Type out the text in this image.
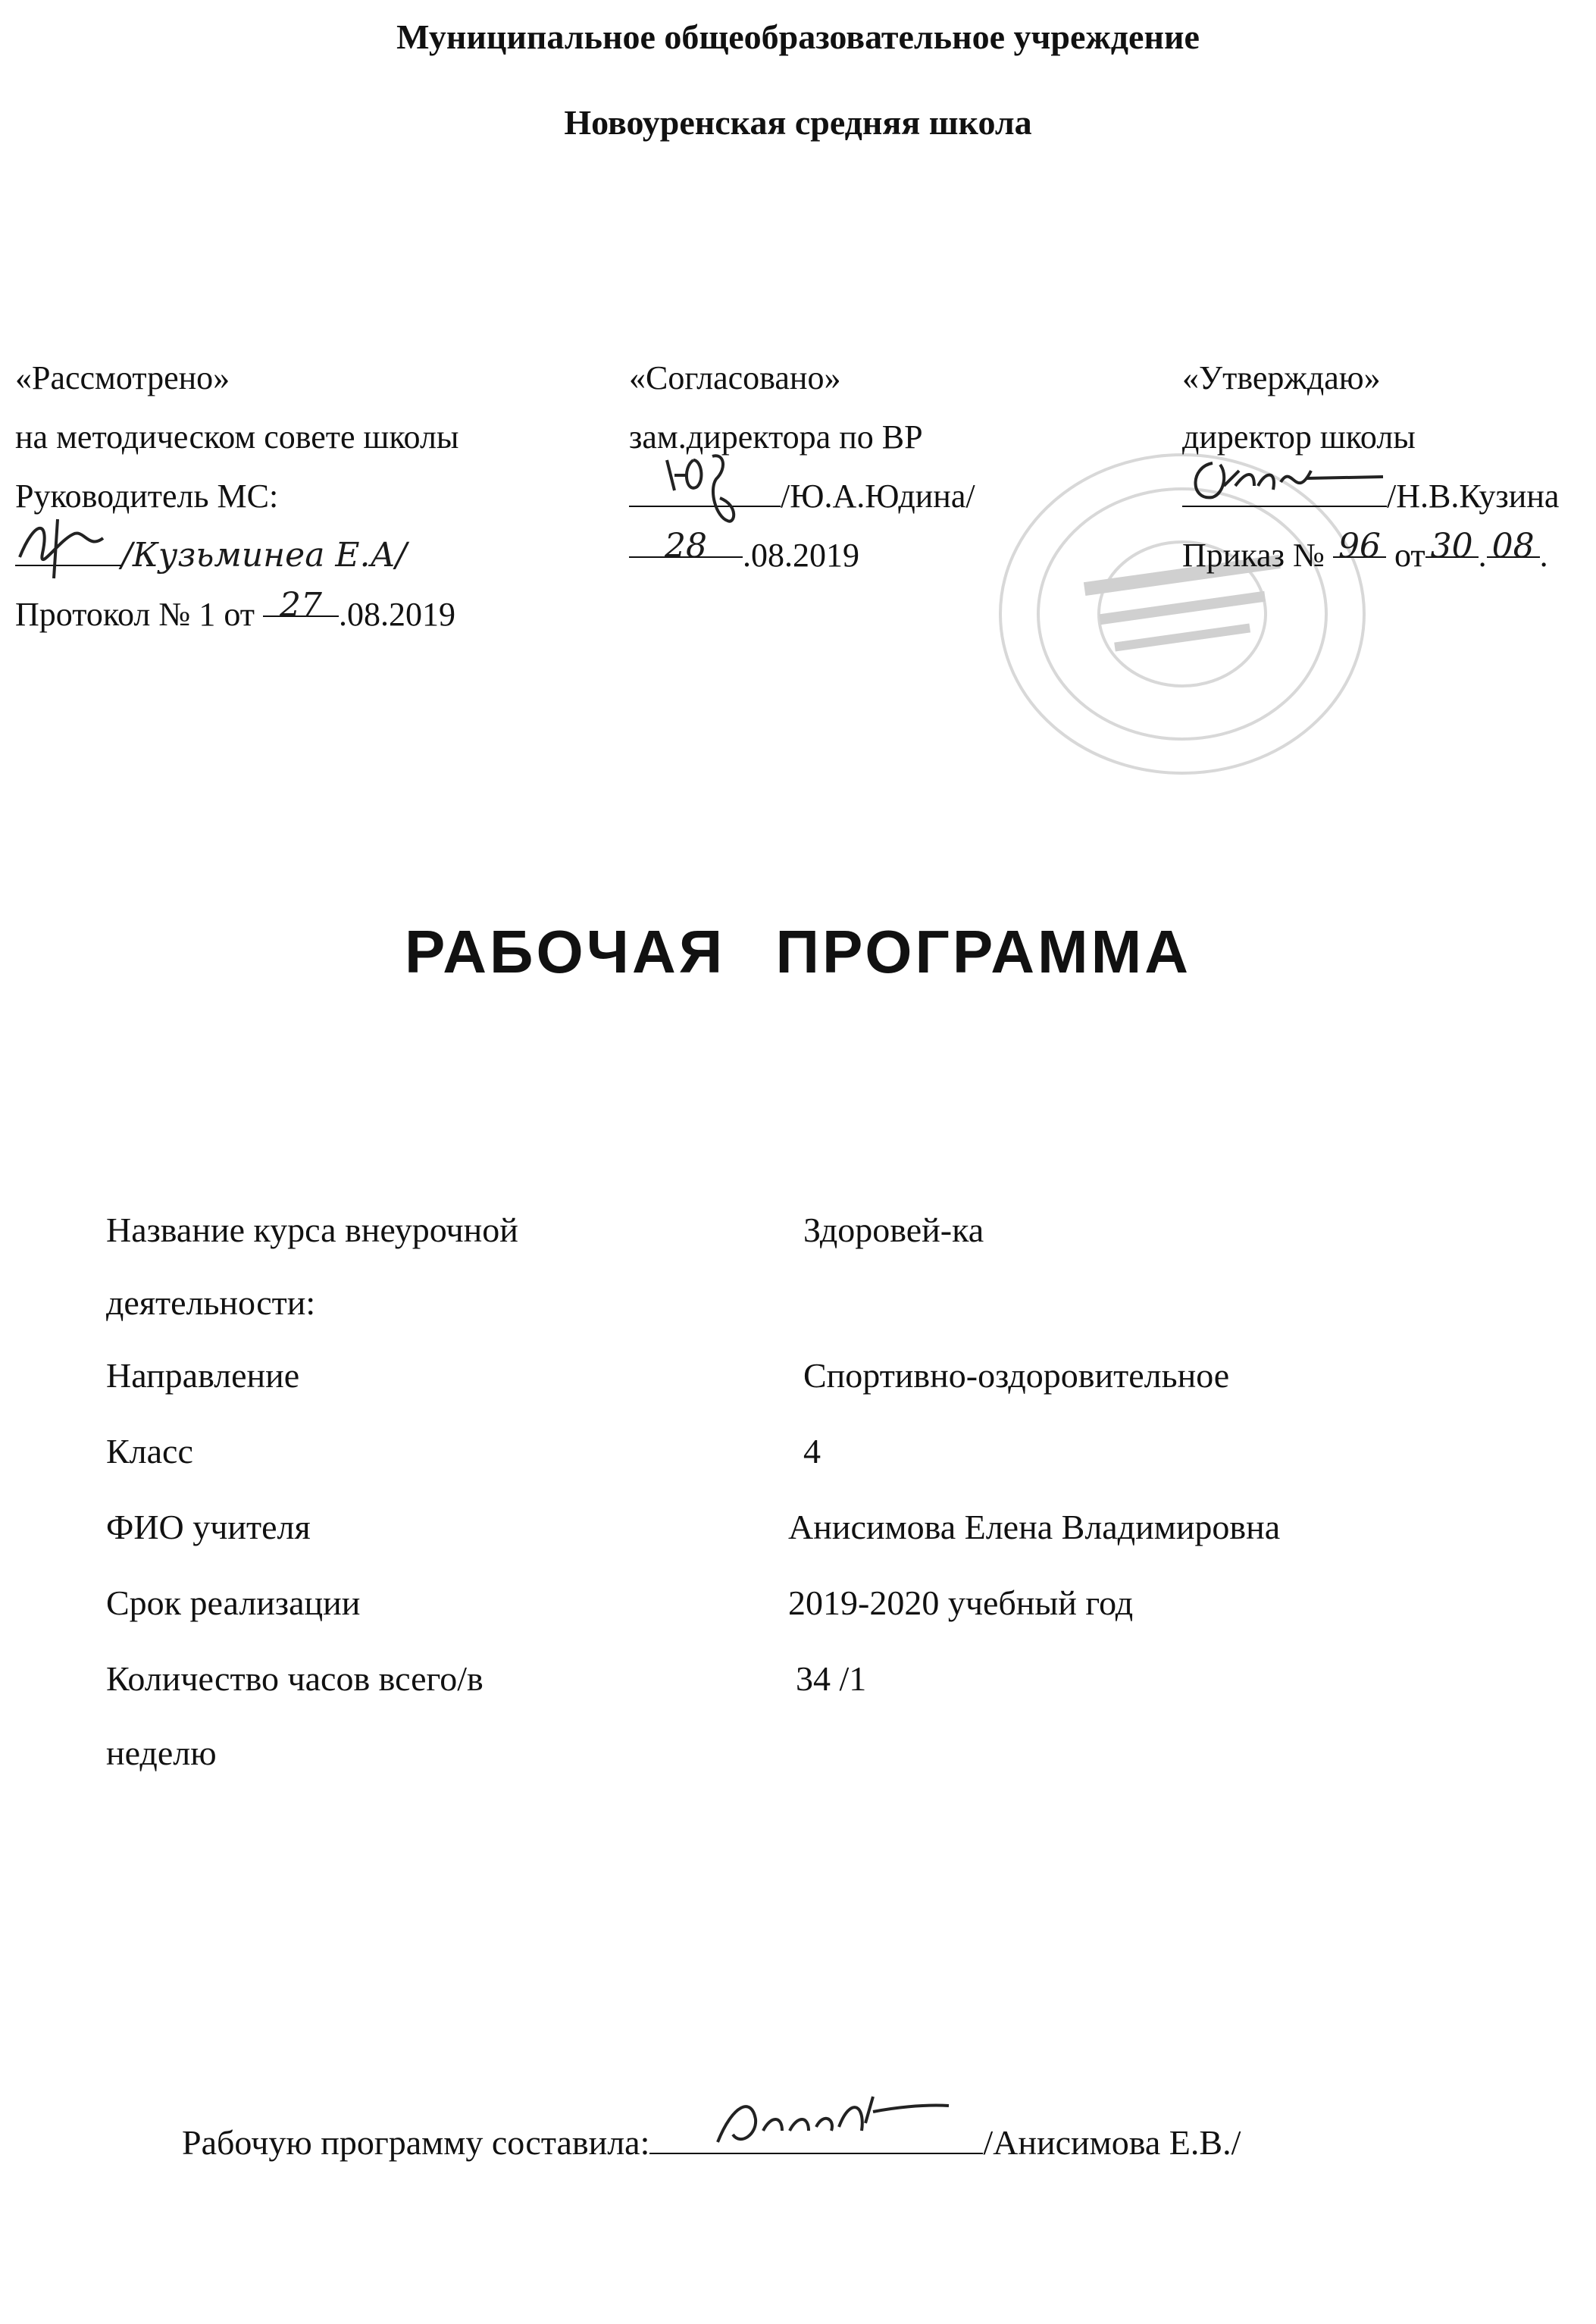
Муниципальное общеобразовательное учреждение
Новоуренская средняя школа
«Рассмотрено»
на методическом совете школы
Руководитель МС:
/Кузьминеа Е.А/
Протокол № 1 от 27 .08.2019
«Согласовано»
зам.директора по ВР
/Ю.А.Юдина/
28 .08.2019
«Утверждаю»
директор школы
/Н.В.Кузина
Приказ № 96 от 30 . 08 .
РАБОЧАЯ ПРОГРАММА
Название курса внеурочной	Здоровей-ка
деятельности:
Направление	Спортивно-оздоровительное
Класс	4
ФИО учителя	Анисимова Елена Владимировна
Срок реализации	2019-2020 учебный год
Количество часов всего/в	34 /1
неделю
Рабочую программу составила:	/Анисимова Е.В./
